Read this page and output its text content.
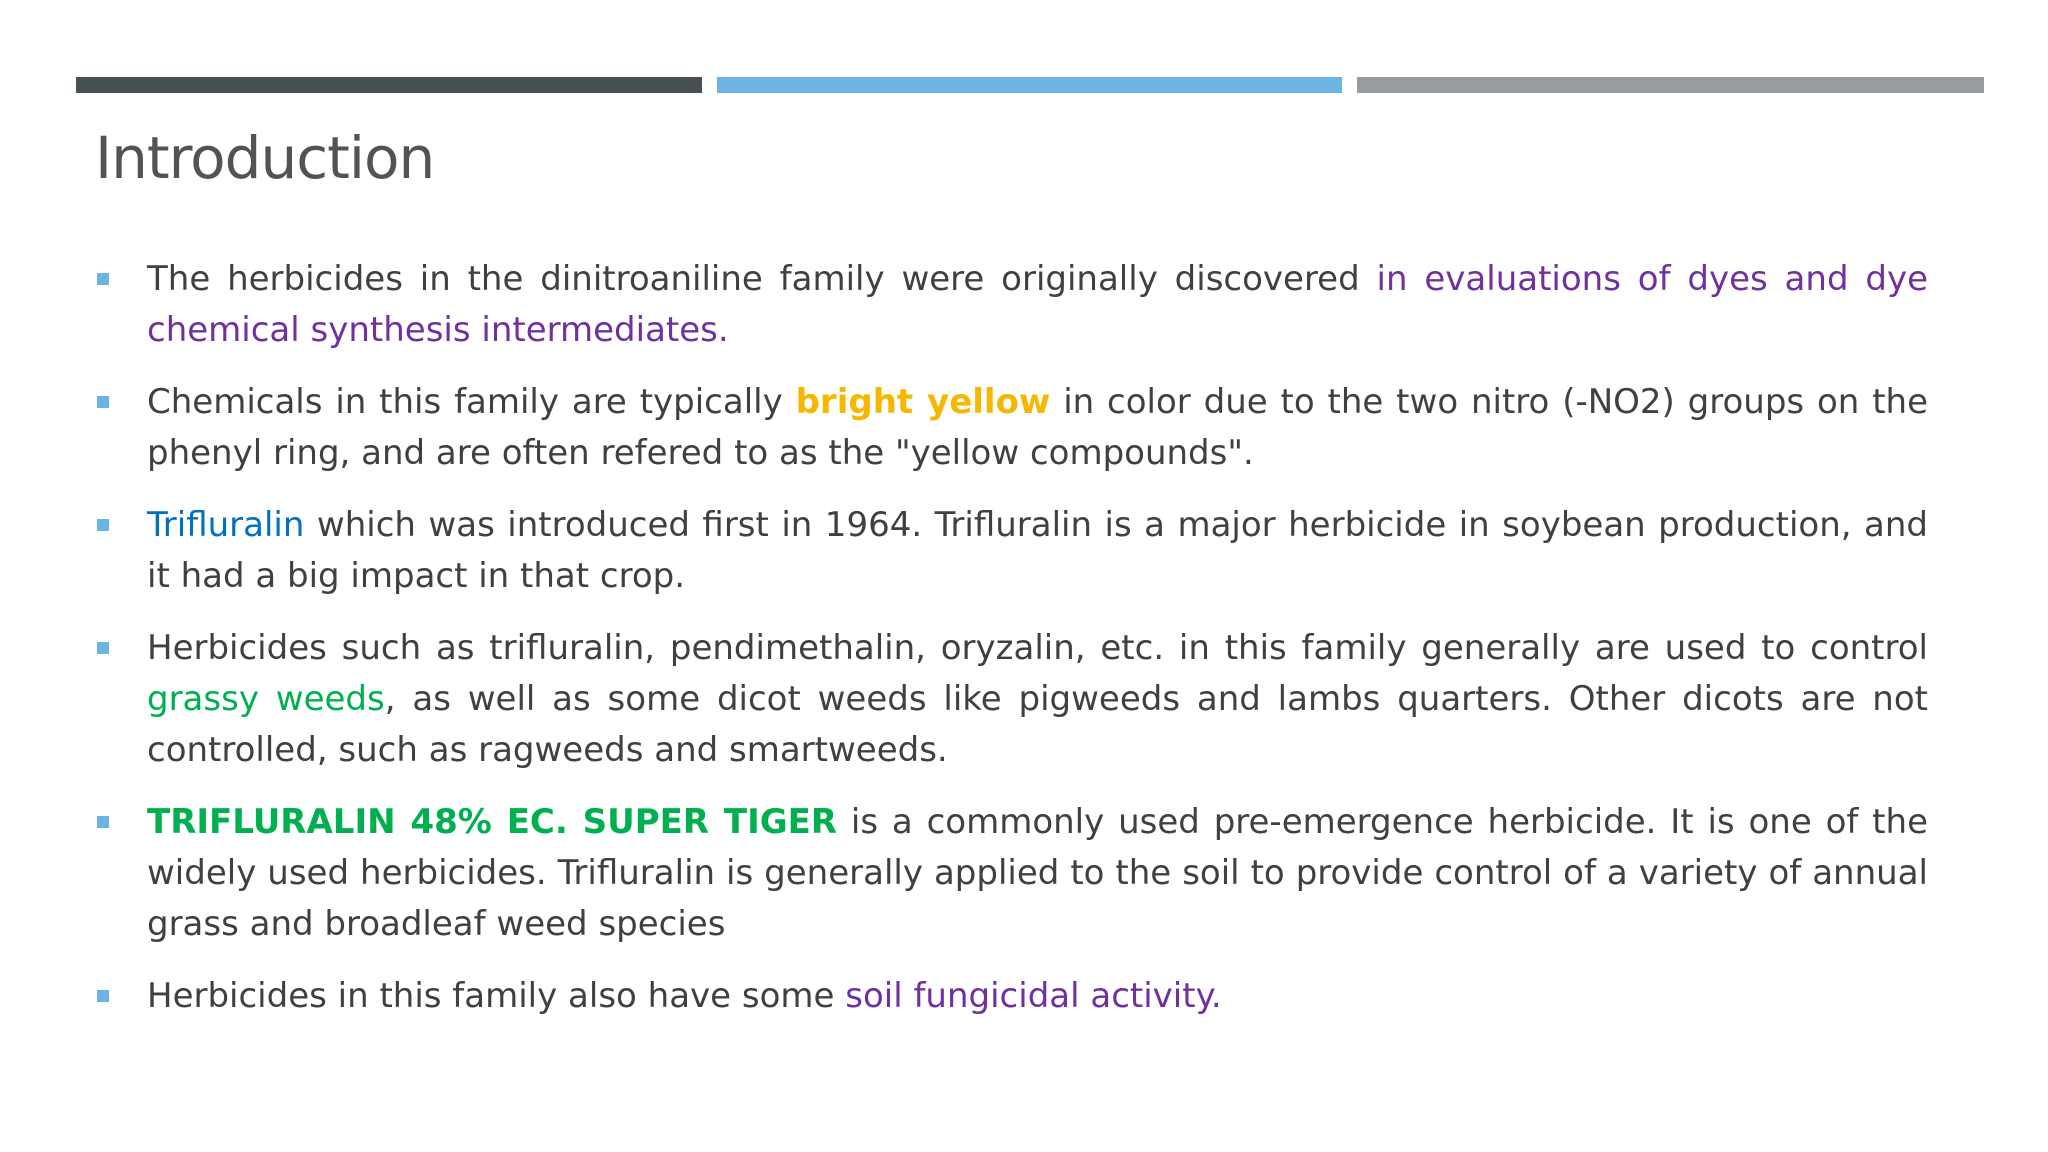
Introduction
The herbicides in the dinitroaniline family were originally discovered in evaluations of dyes and dye chemical synthesis intermediates.
Chemicals in this family are typically bright yellow in color due to the two nitro (-NO2) groups on the phenyl ring, and are often refered to as the "yellow compounds".
Trifluralin which was introduced first in 1964. Trifluralin is a major herbicide in soybean production, and it had a big impact in that crop.
Herbicides such as trifluralin, pendimethalin, oryzalin, etc. in this family generally are used to control grassy weeds, as well as some dicot weeds like pigweeds and lambs quarters. Other dicots are not controlled, such as ragweeds and smartweeds.
TRIFLURALIN 48% EC. SUPER TIGER is a commonly used pre-emergence herbicide. It is one of the widely used herbicides. Trifluralin is generally applied to the soil to provide control of a variety of annual grass and broadleaf weed species
Herbicides in this family also have some soil fungicidal activity.
